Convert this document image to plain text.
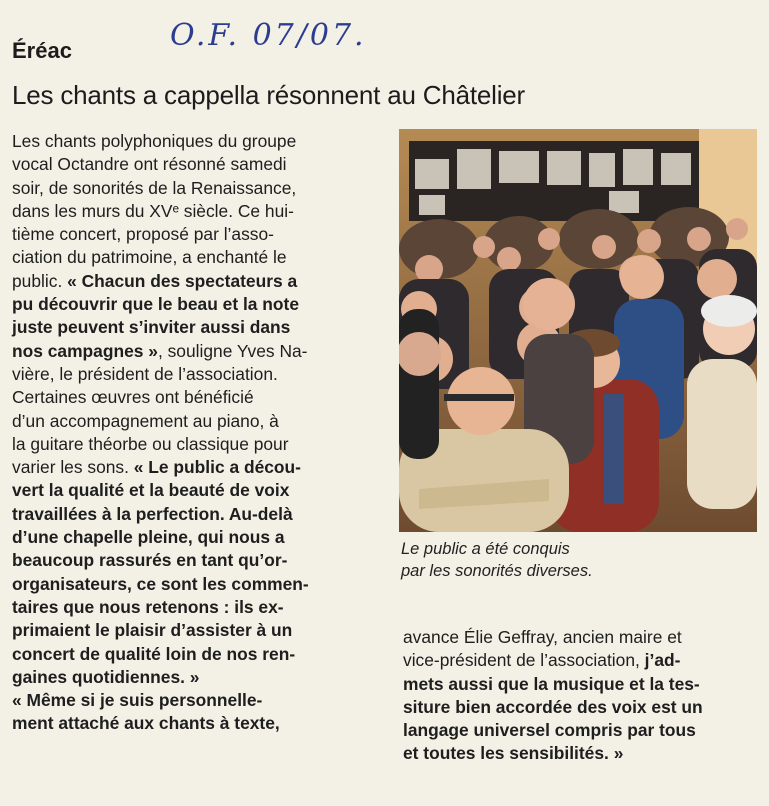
Éréac	O.F. 07/07.
Les chants a cappella résonnent au Châtelier
Les chants polyphoniques du groupe
vocal Octandre ont résonné samedi
soir, de sonorités de la Renaissance,
dans les murs du XVᵉ siècle. Ce hui-
tième concert, proposé par l’asso-
ciation du patrimoine, a enchanté le
public. « Chacun des spectateurs a
pu découvrir que le beau et la note
juste peuvent s’inviter aussi dans
nos campagnes », souligne Yves Na-
vière, le président de l’association.
Certaines œuvres ont bénéficié
d’un accompagnement au piano, à
la guitare théorbe ou classique pour
varier les sons. « Le public a décou-
vert la qualité et la beauté de voix
travaillées à la perfection. Au-delà
d’une chapelle pleine, qui nous a
beaucoup rassurés en tant qu’or-
organisateurs, ce sont les commen-
taires que nous retenons : ils ex-
primaient le plaisir d’assister à un
concert de qualité loin de nos ren-
gaines quotidiennes. »
« Même si je suis personnelle-
ment attaché aux chants à texte,
Le public a été conquis
par les sonorités diverses.
avance Élie Geffray, ancien maire et
vice-président de l’association, j’ad-
mets aussi que la musique et la tes-
siture bien accordée des voix est un
langage universel compris par tous
et toutes les sensibilités. »
